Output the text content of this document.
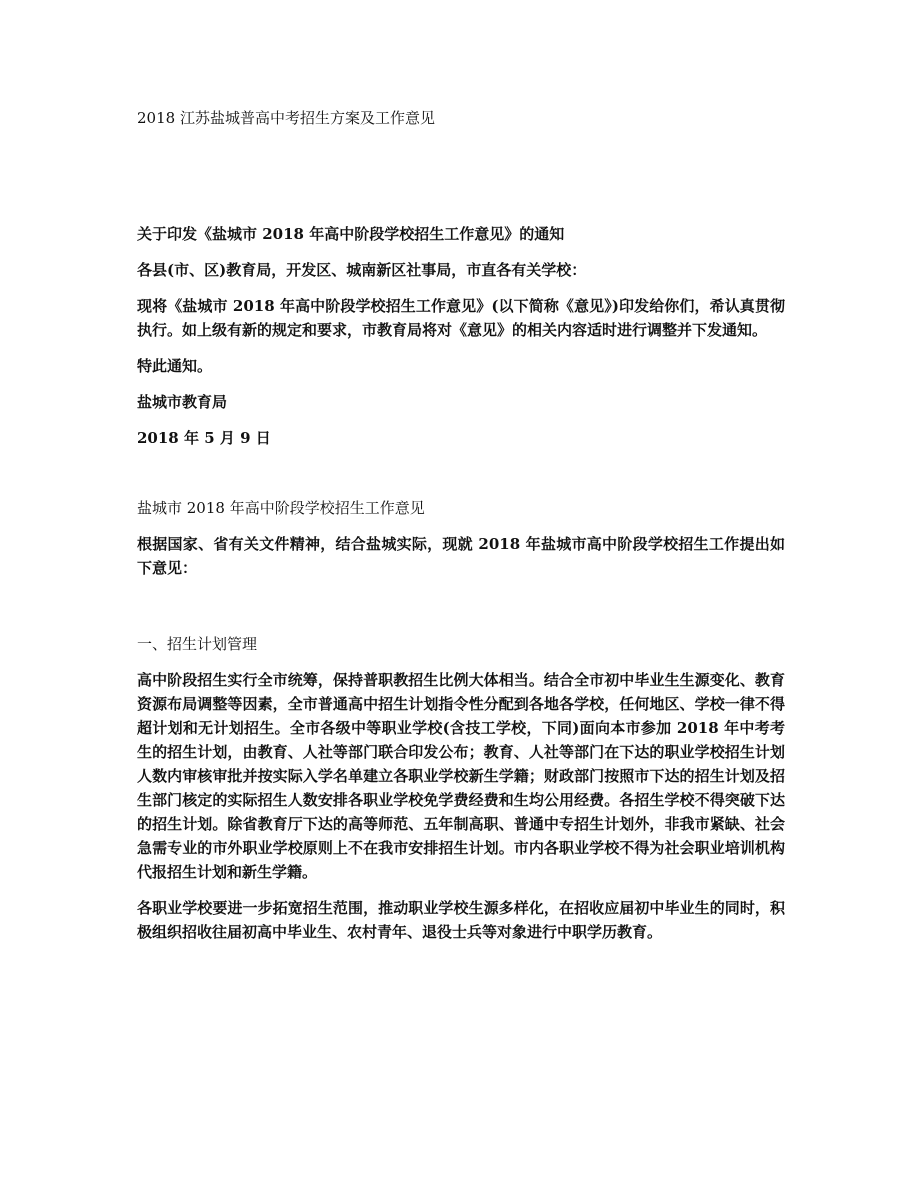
2018 江苏盐城普高中考招生方案及工作意见

关于印发《盐城市 2018 年高中阶段学校招生工作意见》的通知

各县(市、区)教育局，开发区、城南新区社事局，市直各有关学校：

现将《盐城市 2018 年高中阶段学校招生工作意见》(以下简称《意见》)印发给你们，希认真贯彻执行。如上级有新的规定和要求，市教育局将对《意见》的相关内容适时进行调整并下发通知。

特此通知。

盐城市教育局

2018 年 5 月 9 日

盐城市 2018 年高中阶段学校招生工作意见

根据国家、省有关文件精神，结合盐城实际，现就 2018 年盐城市高中阶段学校招生工作提出如下意见：

一、招生计划管理

高中阶段招生实行全市统筹，保持普职教招生比例大体相当。结合全市初中毕业生生源变化、教育资源布局调整等因素，全市普通高中招生计划指令性分配到各地各学校，任何地区、学校一律不得超计划和无计划招生。全市各级中等职业学校(含技工学校，下同)面向本市参加 2018 年中考考生的招生计划，由教育、人社等部门联合印发公布；教育、人社等部门在下达的职业学校招生计划人数内审核审批并按实际入学名单建立各职业学校新生学籍；财政部门按照市下达的招生计划及招生部门核定的实际招生人数安排各职业学校免学费经费和生均公用经费。各招生学校不得突破下达的招生计划。除省教育厅下达的高等师范、五年制高职、普通中专招生计划外，非我市紧缺、社会急需专业的市外职业学校原则上不在我市安排招生计划。市内各职业学校不得为社会职业培训机构代报招生计划和新生学籍。

各职业学校要进一步拓宽招生范围，推动职业学校生源多样化，在招收应届初中毕业生的同时，积极组织招收往届初高中毕业生、农村青年、退役士兵等对象进行中职学历教育。
